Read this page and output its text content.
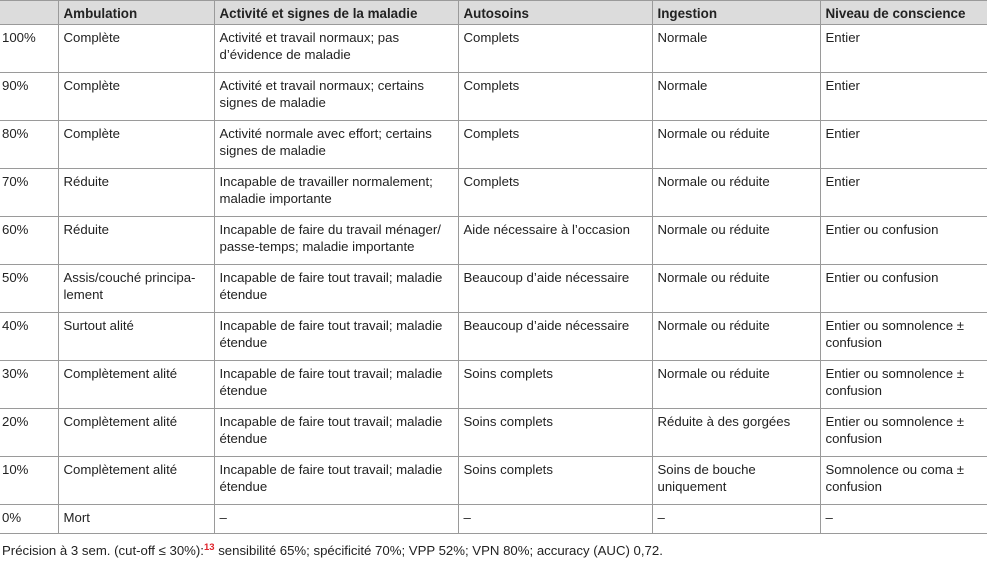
	Ambulation	Activité et signes de la maladie	Autosoins	Ingestion	Niveau de conscience
100%	Complète	Activité et travail normaux; pas d’évidence de maladie	Complets	Normale	Entier
90%	Complète	Activité et travail normaux; certains signes de maladie	Complets	Normale	Entier
80%	Complète	Activité normale avec effort; certains signes de maladie	Complets	Normale ou réduite	Entier
70%	Réduite	Incapable de travailler normalement; maladie importante	Complets	Normale ou réduite	Entier
60%	Réduite	Incapable de faire du travail ménager/ passe-temps; maladie importante	Aide nécessaire à l’occasion	Normale ou réduite	Entier ou confusion
50%	Assis/couché principa-lement	Incapable de faire tout travail; maladie étendue	Beaucoup d’aide nécessaire	Normale ou réduite	Entier ou confusion
40%	Surtout alité	Incapable de faire tout travail; maladie étendue	Beaucoup d’aide nécessaire	Normale ou réduite	Entier ou somnolence ± confusion
30%	Complètement alité	Incapable de faire tout travail; maladie étendue	Soins complets	Normale ou réduite	Entier ou somnolence ± confusion
20%	Complètement alité	Incapable de faire tout travail; maladie étendue	Soins complets	Réduite à des gorgées	Entier ou somnolence ± confusion
10%	Complètement alité	Incapable de faire tout travail; maladie étendue	Soins complets	Soins de bouche uniquement	Somnolence ou coma ± confusion
0%	Mort	–	–	–	–
Précision à 3 sem. (cut-off ≤ 30%):$^{13}$ sensibilité 65%; spécificité 70%; VPP 52%; VPN 80%; accuracy (AUC) 0,72.
